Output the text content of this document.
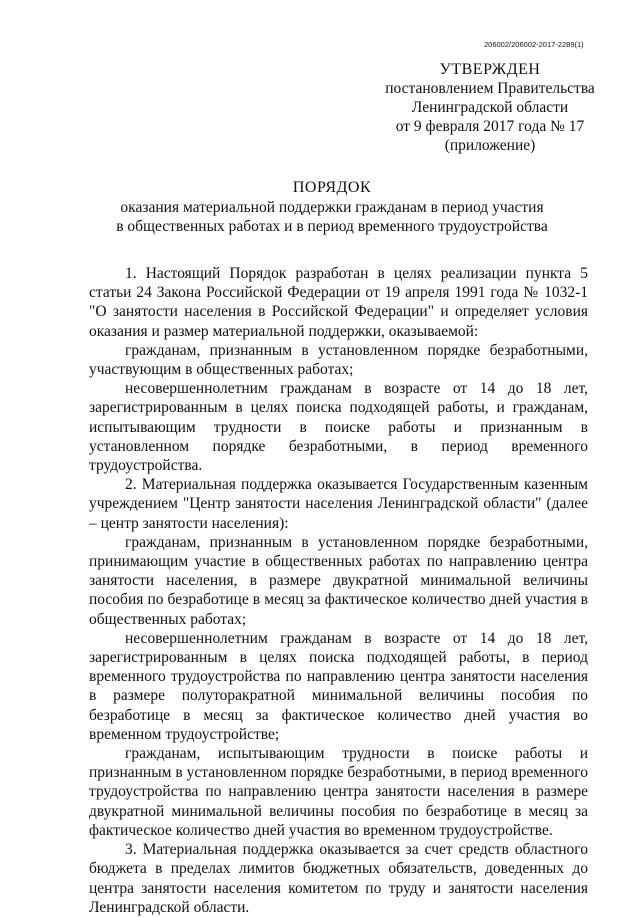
206002/206002-2017-2289(1)
УТВЕРЖДЕН
постановлением Правительства
Ленинградской области
от 9 февраля 2017 года № 17
(приложение)
ПОРЯДОК
оказания материальной поддержки гражданам в период участия
в общественных работах и в период временного трудоустройства

1. Настоящий Порядок разработан в целях реализации пункта 5 статьи 24 Закона Российской Федерации от 19 апреля 1991 года № 1032-1 "О занятости населения в Российской Федерации" и определяет условия оказания и размер материальной поддержки, оказываемой:

гражданам, признанным в установленном порядке безработными, участвующим в общественных работах;

несовершеннолетним гражданам в возрасте от 14 до 18 лет, зарегистрированным в целях поиска подходящей работы, и гражданам, испытывающим трудности в поиске работы и признанным в установленном порядке безработными, в период временного трудоустройства.

2. Материальная поддержка оказывается Государственным казенным учреждением "Центр занятости населения Ленинградской области" (далее – центр занятости населения):

гражданам, признанным в установленном порядке безработными, принимающим участие в общественных работах по направлению центра занятости населения, в размере двукратной минимальной величины пособия по безработице в месяц за фактическое количество дней участия в общественных работах;

несовершеннолетним гражданам в возрасте от 14 до 18 лет, зарегистрированным в целях поиска подходящей работы, в период временного трудоустройства по направлению центра занятости населения в размере полуторакратной минимальной величины пособия по безработице в месяц за фактическое количество дней участия во временном трудоустройстве;

гражданам, испытывающим трудности в поиске работы и признанным в установленном порядке безработными, в период временного трудоустройства по направлению центра занятости населения в размере двукратной минимальной величины пособия по безработице в месяц за фактическое количество дней участия во временном трудоустройстве.

3. Материальная поддержка оказывается за счет средств областного бюджета в пределах лимитов бюджетных обязательств, доведенных до центра занятости населения комитетом по труду и занятости населения Ленинградской области.
